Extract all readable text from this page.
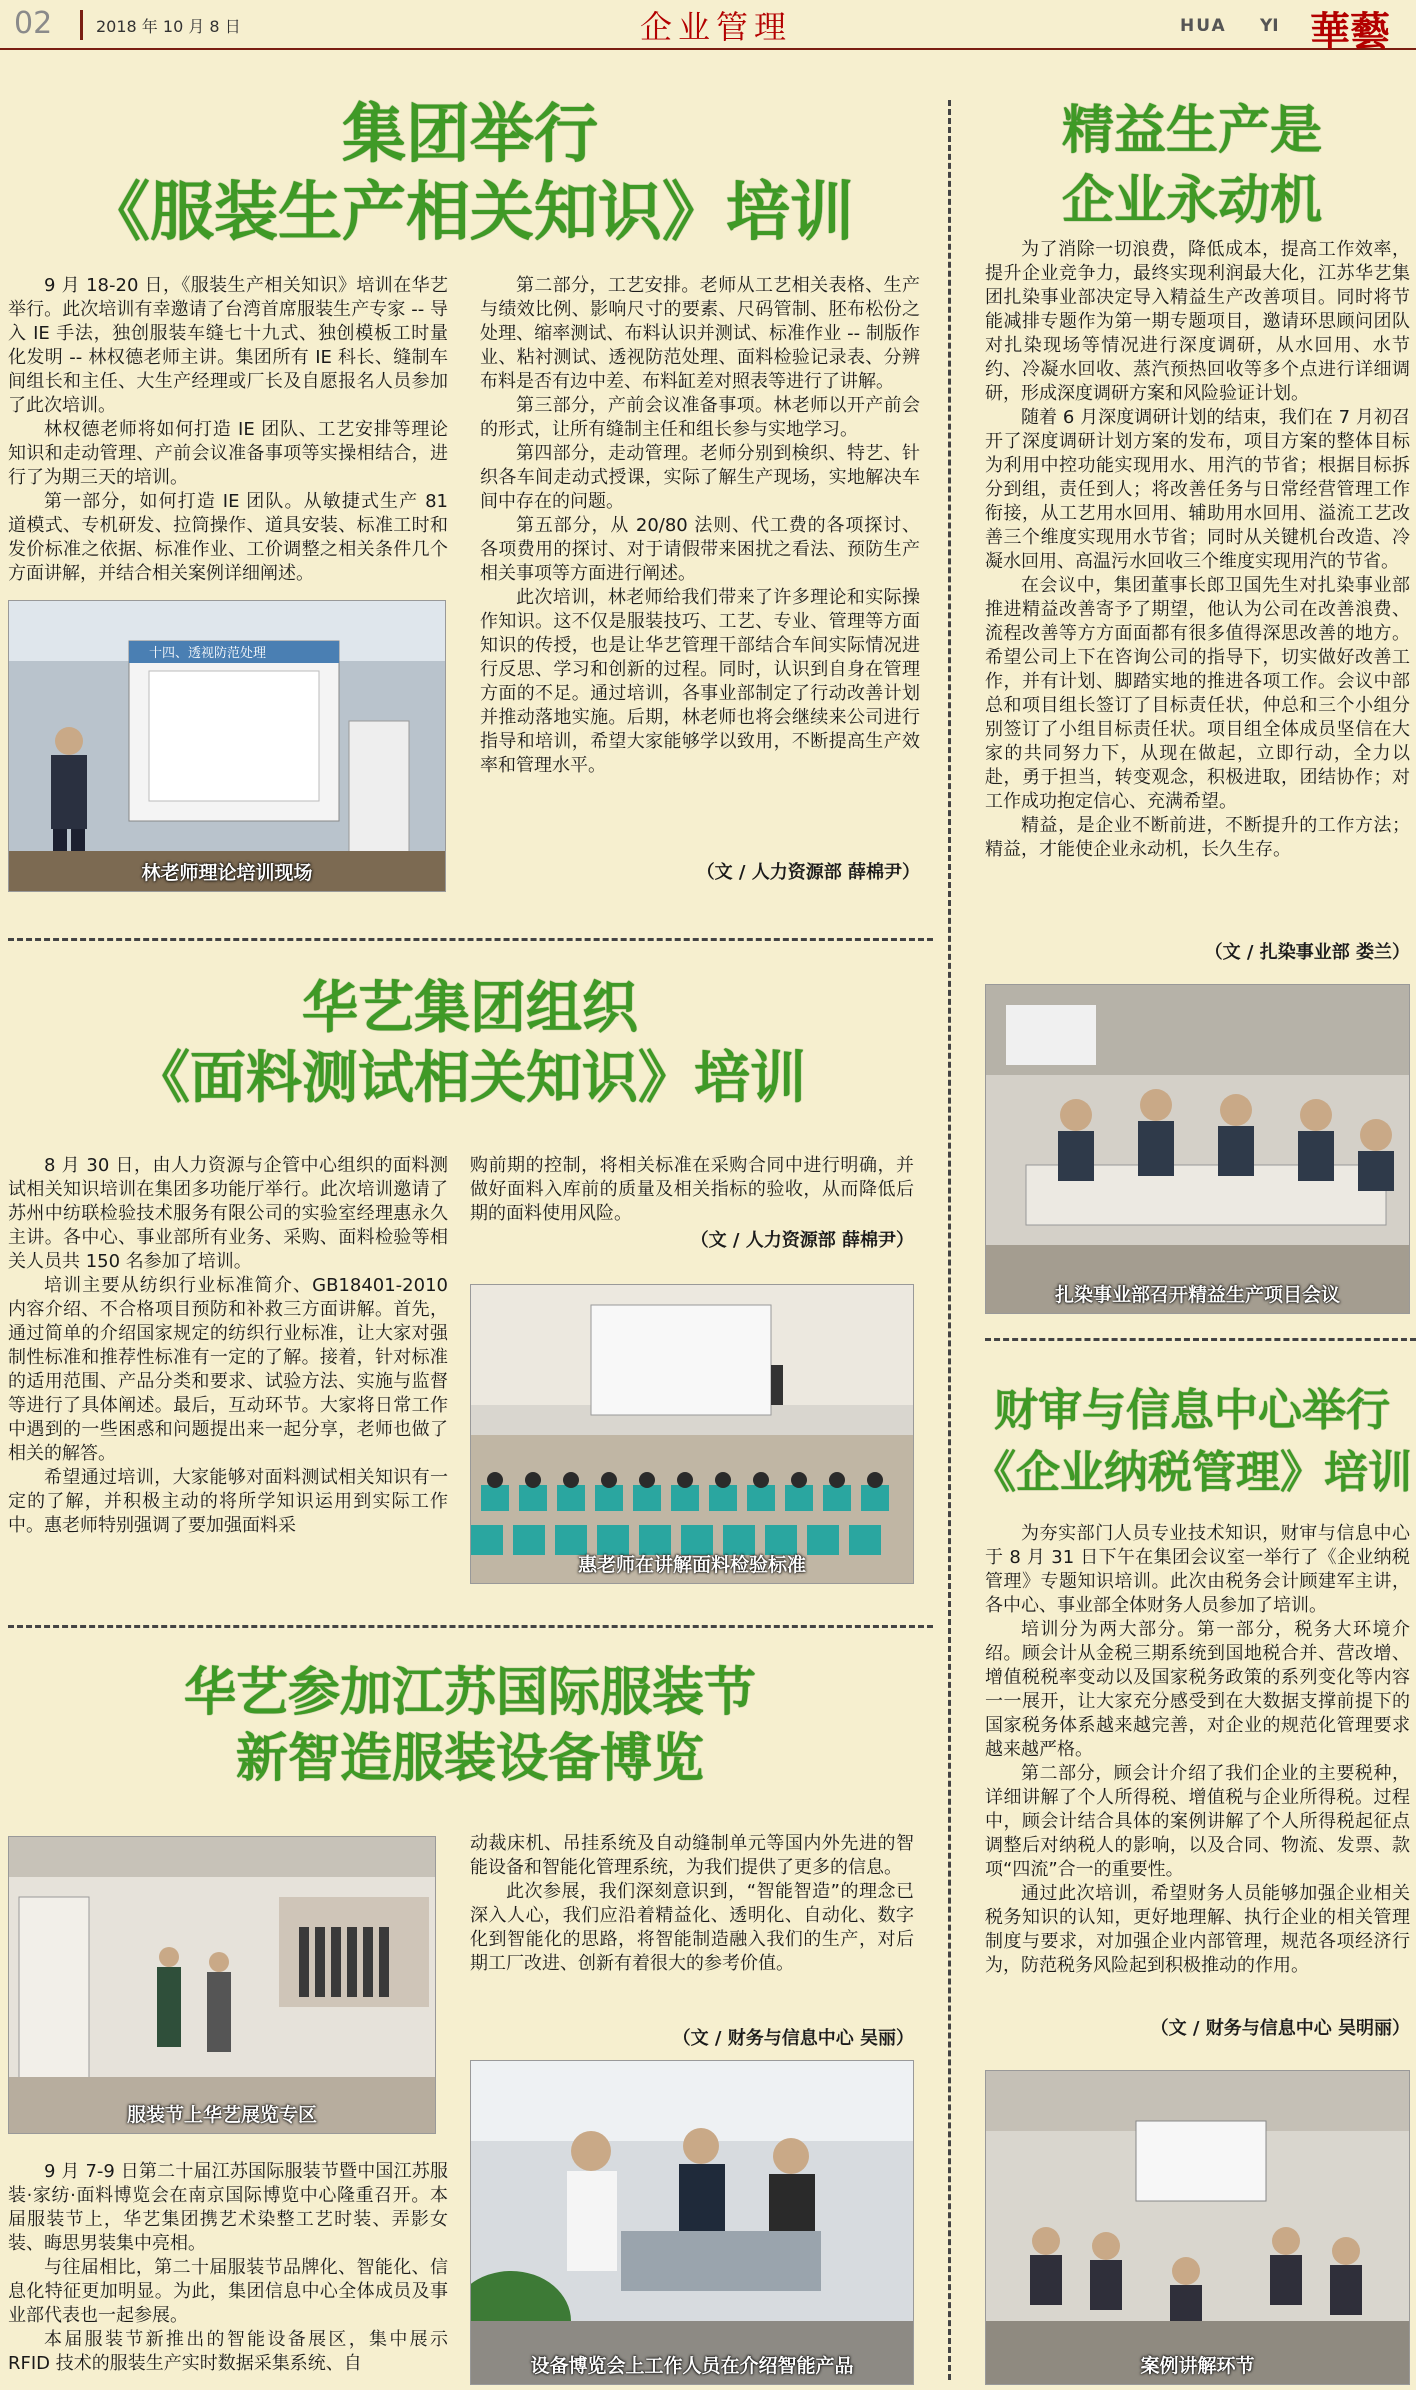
02	2018 年 10 月 8 日	企业管理	HUA YI 華藝
集团举行
《服装生产相关知识》培训

9 月 18-20 日，《服装生产相关知识》培训在华艺举行。此次培训有幸邀请了台湾首席服装生产专家 -- 导入 IE 手法，独创服装车缝七十九式、独创模板工时量化发明 -- 林权德老师主讲。集团所有 IE 科长、缝制车间组长和主任、大生产经理或厂长及自愿报名人员参加了此次培训。

林权德老师将如何打造 IE 团队、工艺安排等理论知识和走动管理、产前会议准备事项等实操相结合，进行了为期三天的培训。

第一部分，如何打造 IE 团队。从敏捷式生产 81 道模式、专机研发、拉筒操作、道具安装、标准工时和发价标准之依据、标准作业、工价调整之相关条件几个方面讲解，并结合相关案例详细阐述。

十四、透视防范处理
林老师理论培训现场

第二部分，工艺安排。老师从工艺相关表格、生产与绩效比例、影响尺寸的要素、尺码管制、胚布松份之处理、缩率测试、布料认识并测试、标准作业 -- 制版作业、粘衬测试、透视防范处理、面料检验记录表、分辨布料是否有边中差、布料缸差对照表等进行了讲解。

第三部分，产前会议准备事项。林老师以开产前会的形式，让所有缝制主任和组长参与实地学习。

第四部分，走动管理。老师分别到検织、特艺、针织各车间走动式授课，实际了解生产现场，实地解决车间中存在的问题。

第五部分，从 20/80 法则、代工费的各项探讨、各项费用的探讨、对于请假带来困扰之看法、预防生产相关事项等方面进行阐述。

此次培训，林老师给我们带来了许多理论和实际操作知识。这不仅是服装技巧、工艺、专业、管理等方面知识的传授，也是让华艺管理干部结合车间实际情况进行反思、学习和创新的过程。同时，认识到自身在管理方面的不足。通过培训，各事业部制定了行动改善计划并推动落地实施。后期，林老师也将会继续来公司进行指导和培训，希望大家能够学以致用，不断提高生产效率和管理水平。

（文 / 人力资源部 薛棉尹）
华艺集团组织
《面料测试相关知识》培训

8 月 30 日，由人力资源与企管中心组织的面料测试相关知识培训在集团多功能厅举行。此次培训邀请了苏州中纺联检验技术服务有限公司的实验室经理惠永久主讲。各中心、事业部所有业务、采购、面料检验等相关人员共 150 名参加了培训。

培训主要从纺织行业标准简介、GB18401-2010 内容介绍、不合格项目预防和补救三方面讲解。首先，通过简单的介绍国家规定的纺织行业标准，让大家对强制性标准和推荐性标准有一定的了解。接着，针对标准的适用范围、产品分类和要求、试验方法、实施与监督等进行了具体阐述。最后，互动环节。大家将日常工作中遇到的一些困惑和问题提出来一起分享，老师也做了相关的解答。

希望通过培训，大家能够对面料测试相关知识有一定的了解，并积极主动的将所学知识运用到实际工作中。惠老师特别强调了要加强面料采

购前期的控制，将相关标准在采购合同中进行明确，并做好面料入库前的质量及相关指标的验收，从而降低后期的面料使用风险。

（文 / 人力资源部 薛棉尹）
惠老师在讲解面料检验标准
华艺参加江苏国际服装节
新智造服装设备博览
服装节上华艺展览专区

9 月 7-9 日第二十届江苏国际服装节暨中国江苏服装·家纺·面料博览会在南京国际博览中心隆重召开。本届服装节上，华艺集团携艺术染整工艺时装、弄影女装、晦思男装集中亮相。

与往届相比，第二十届服装节品牌化、智能化、信息化特征更加明显。为此，集团信息中心全体成员及事业部代表也一起参展。

本届服装节新推出的智能设备展区，集中展示 RFID 技术的服装生产实时数据采集系统、自

动裁床机、吊挂系统及自动缝制单元等国内外先进的智能设备和智能化管理系统，为我们提供了更多的信息。

此次参展，我们深刻意识到，“智能智造”的理念已深入人心，我们应沿着精益化、透明化、自动化、数字化到智能化的思路，将智能制造融入我们的生产，对后期工厂改进、创新有着很大的参考价值。

（文 / 财务与信息中心 吴丽）
设备博览会上工作人员在介绍智能产品
精益生产是
企业永动机

为了消除一切浪费，降低成本，提高工作效率，提升企业竞争力，最终实现利润最大化，江苏华艺集团扎染事业部决定导入精益生产改善项目。同时将节能减排专题作为第一期专题项目，邀请环思顾问团队对扎染现场等情况进行深度调研，从水回用、水节约、冷凝水回收、蒸汽预热回收等多个点进行详细调研，形成深度调研方案和风险验证计划。

随着 6 月深度调研计划的结束，我们在 7 月初召开了深度调研计划方案的发布，项目方案的整体目标为利用中控功能实现用水、用汽的节省；根据目标拆分到组，责任到人；将改善任务与日常经营管理工作衔接，从工艺用水回用、辅助用水回用、溢流工艺改善三个维度实现用水节省；同时从关键机台改造、冷凝水回用、高温污水回收三个维度实现用汽的节省。

在会议中，集团董事长郎卫国先生对扎染事业部推进精益改善寄予了期望，他认为公司在改善浪费、流程改善等方方面面都有很多值得深思改善的地方。希望公司上下在咨询公司的指导下，切实做好改善工作，并有计划、脚踏实地的推进各项工作。会议中部总和项目组长签订了目标责任状，仲总和三个小组分别签订了小组目标责任状。项目组全体成员坚信在大家的共同努力下，从现在做起，立即行动，全力以赴，勇于担当，转变观念，积极进取，团结协作；对工作成功抱定信心、充满希望。

精益，是企业不断前进，不断提升的工作方法；精益，才能使企业永动机，长久生存。

（文 / 扎染事业部 娄兰）
扎染事业部召开精益生产项目会议
财审与信息中心举行
《企业纳税管理》培训

为夯实部门人员专业技术知识，财审与信息中心于 8 月 31 日下午在集团会议室一举行了《企业纳税管理》专题知识培训。此次由税务会计顾建军主讲，各中心、事业部全体财务人员参加了培训。

培训分为两大部分。第一部分，税务大环境介绍。顾会计从金税三期系统到国地税合并、营改增、增值税税率变动以及国家税务政策的系列变化等内容一一展开，让大家充分感受到在大数据支撑前提下的国家税务体系越来越完善，对企业的规范化管理要求越来越严格。

第二部分，顾会计介绍了我们企业的主要税种，详细讲解了个人所得税、增值税与企业所得税。过程中，顾会计结合具体的案例讲解了个人所得税起征点调整后对纳税人的影响，以及合同、物流、发票、款项“四流”合一的重要性。

通过此次培训，希望财务人员能够加强企业相关税务知识的认知，更好地理解、执行企业的相关管理制度与要求，对加强企业内部管理，规范各项经济行为，防范税务风险起到积极推动的作用。

（文 / 财务与信息中心 吴明丽）
案例讲解环节
